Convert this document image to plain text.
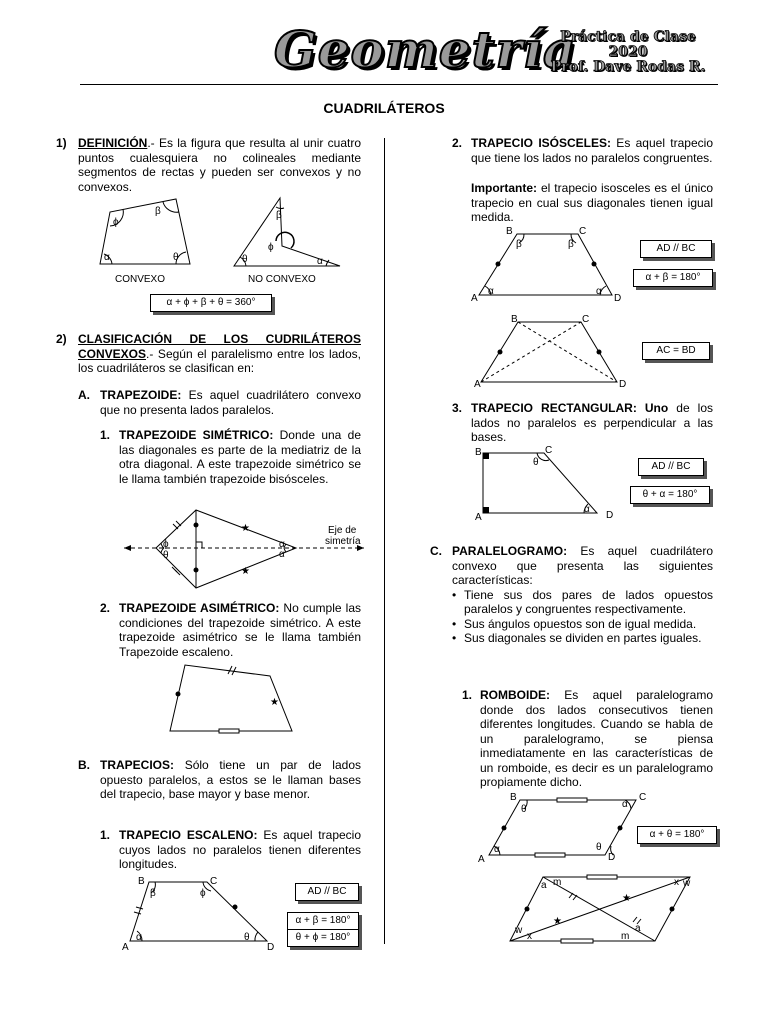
Geometría
Práctica de Clase
2020
Prof. Dave Rodas R.
CUADRILÁTEROS
1) DEFINICIÓN.- Es la figura que resulta al unir cuatro puntos cualesquiera no colineales mediante segmentos de rectas y pueden ser convexos y no convexos.
α
ϕ
β
θ
CONVEXO
θ
β
ϕ
α
NO CONVEXO
★
★
ϕ
θ
α
α
Eje de
simetría
★
A
B	C
D
α
β	ϕ
θ
A
B	C
D
α
β	β
α
A
B	C
D
A
B	C
D
θ
α
A
B	C
D
α
α
θ
θ
★
★
a m	x w
w
x
a
m
α + ϕ + β + θ = 360°
2) CLASIFICACIÓN DE LOS CUDRILÁTEROS
CONVEXOS.- Según el paralelismo entre los lados, los cuadriláteros se clasifican en:
A. TRAPEZOIDE: Es aquel cuadrilátero convexo que no presenta lados paralelos.
1. TRAPEZOIDE SIMÉTRICO: Donde una de las diagonales es parte de la mediatriz de la otra diagonal. A este trapezoide simétrico se le llama también trapezoide bisósceles.
2. TRAPEZOIDE ASIMÉTRICO: No cumple las condiciones del trapezoide simétrico. A este trapezoide asimétrico se le llama también Trapezoide escaleno.
B. TRAPECIOS: Sólo tiene un par de lados opuesto paralelos, a estos se le llaman bases del trapecio, base mayor y base menor.
1. TRAPECIO ESCALENO: Es aquel trapecio cuyos lados no paralelos tienen diferentes longitudes.
AD // BC
α + β = 180°
θ + ϕ = 180°
2. TRAPECIO ISÓSCELES: Es aquel trapecio que tiene los lados no paralelos congruentes.
Importante: el trapecio isosceles es el único trapecio en cual sus diagonales tienen igual medida.
AD // BC
α + β = 180°
AC = BD
3. TRAPECIO RECTANGULAR: Uno de los lados no paralelos es perpendicular a las bases.
AD // BC
θ + α = 180°
C. PARALELOGRAMO: Es aquel cuadrilátero convexo que presenta las siguientes características:
• Tiene sus dos pares de lados opuestos paralelos y congruentes respectivamente.
• Sus ángulos opuestos son de igual medida.
• Sus diagonales se dividen en partes iguales.
1. ROMBOIDE: Es aquel paralelogramo donde dos lados consecutivos tienen diferentes longitudes. Cuando se habla de un paralelogramo, se piensa inmediatamente en las características de un romboide, es decir es un paralelogramo propiamente dicho.
α + θ = 180°
